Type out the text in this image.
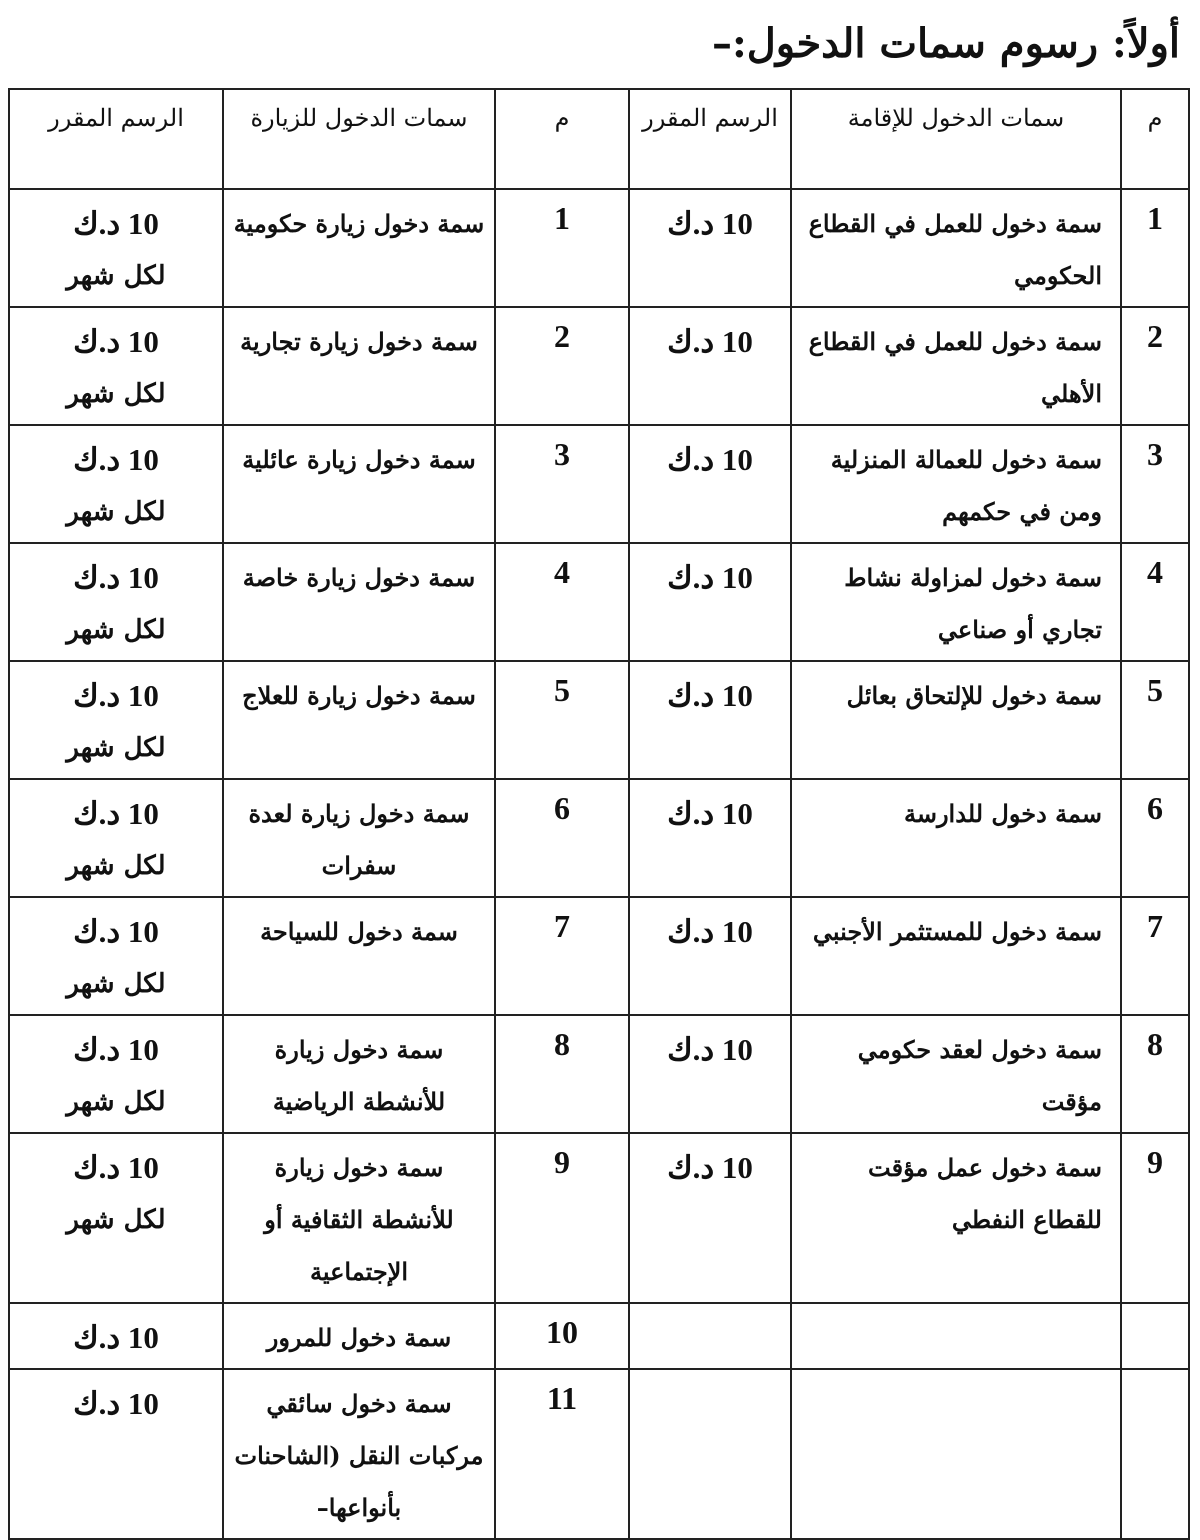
أولاً: رسوم سمات الدخول:–
م	سمات الدخول للإقامة	الرسم المقرر	م	سمات الدخول للزيارة	الرسم المقرر
1	سمة دخول للعمل في القطاع الحكومي	10 د.ك	1	سمة دخول زيارة حكومية	10 د.ك
لكل شهر

2	سمة دخول للعمل في القطاع الأهلي	10 د.ك	2	سمة دخول زيارة تجارية	10 د.ك
لكل شهر

3	سمة دخول للعمالة المنزلية ومن في حكمهم	10 د.ك	3	سمة دخول زيارة عائلية	10 د.ك
لكل شهر

4	سمة دخول لمزاولة نشاط تجاري أو صناعي	10 د.ك	4	سمة دخول زيارة خاصة	10 د.ك
لكل شهر

5	سمة دخول للإلتحاق بعائل	10 د.ك	5	سمة دخول زيارة للعلاج	10 د.ك
لكل شهر

6	سمة دخول للدارسة	10 د.ك	6	سمة دخول زيارة لعدة سفرات	10 د.ك
لكل شهر

7	سمة دخول للمستثمر الأجنبي	10 د.ك	7	سمة دخول للسياحة	10 د.ك
لكل شهر

8	سمة دخول لعقد حكومي مؤقت	10 د.ك	8	سمة دخول زيارة للأنشطة الرياضية	10 د.ك
لكل شهر

9	سمة دخول عمل مؤقت للقطاع النفطي	10 د.ك	9	سمة دخول زيارة للأنشطة الثقافية أو الإجتماعية	10 د.ك
لكل شهر

			10	سمة دخول للمرور	10 د.ك

			11	سمة دخول سائقي مركبات النقل (الشاحنات بأنواعها–	10 د.ك
